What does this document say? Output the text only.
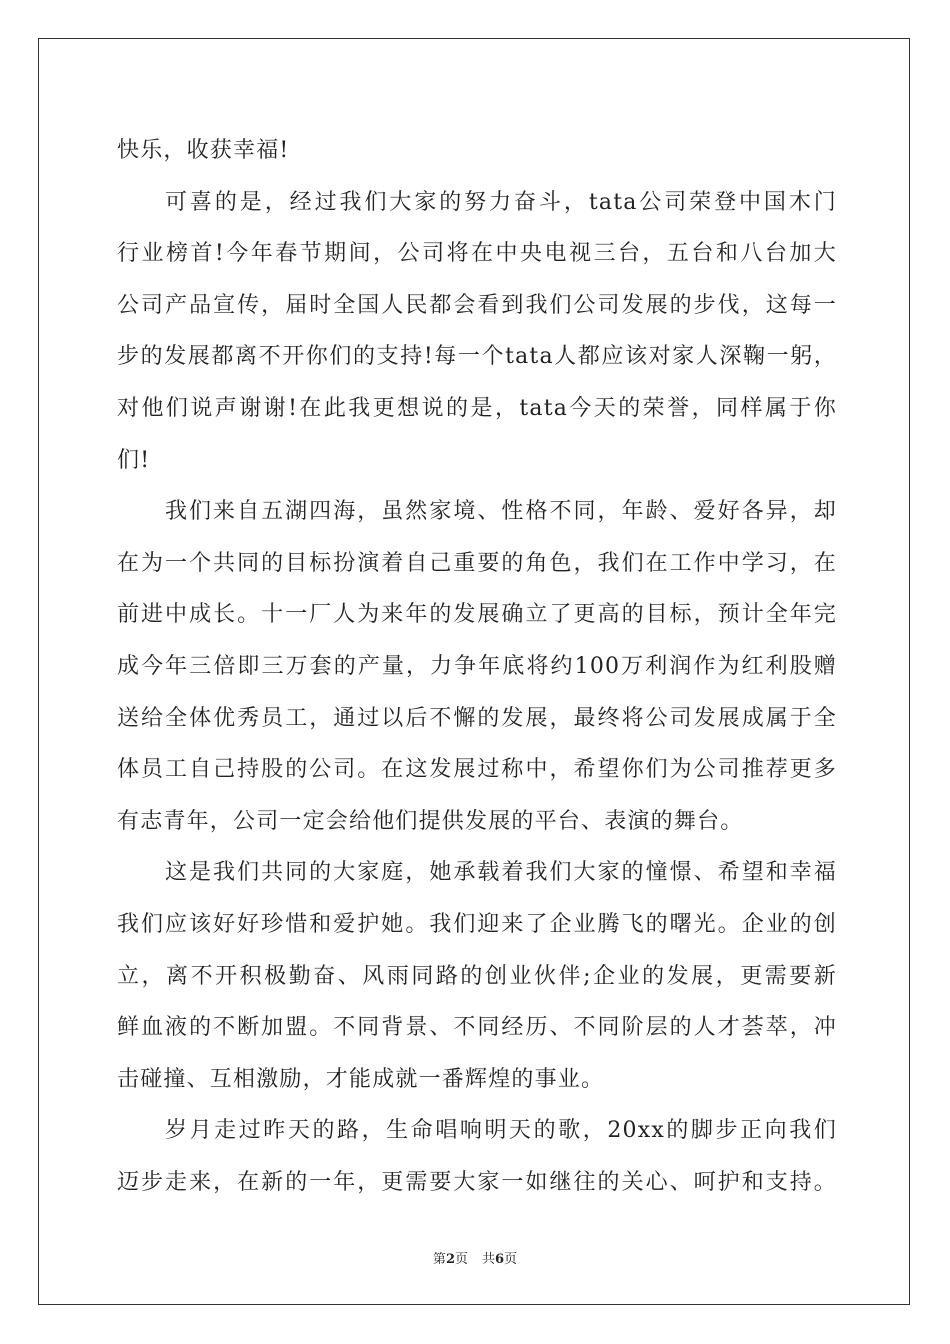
快乐，收获幸福!
可喜的是，经过我们大家的努力奋斗，tata公司荣登中国木门
行业榜首!今年春节期间，公司将在中央电视三台，五台和八台加大
公司产品宣传，届时全国人民都会看到我们公司发展的步伐，这每一
步的发展都离不开你们的支持!每一个tata人都应该对家人深鞠一躬，
对他们说声谢谢!在此我更想说的是，tata今天的荣誉，同样属于你
们!
我们来自五湖四海，虽然家境、性格不同，年龄、爱好各异，却
在为一个共同的目标扮演着自己重要的角色，我们在工作中学习，在
前进中成长。十一厂人为来年的发展确立了更高的目标，预计全年完
成今年三倍即三万套的产量，力争年底将约100万利润作为红利股赠
送给全体优秀员工，通过以后不懈的发展，最终将公司发展成属于全
体员工自己持股的公司。在这发展过称中，希望你们为公司推荐更多
有志青年，公司一定会给他们提供发展的平台、表演的舞台。
这是我们共同的大家庭，她承载着我们大家的憧憬、希望和幸福
我们应该好好珍惜和爱护她。我们迎来了企业腾飞的曙光。企业的创
立，离不开积极勤奋、风雨同路的创业伙伴;企业的发展，更需要新
鲜血液的不断加盟。不同背景、不同经历、不同阶层的人才荟萃，冲
击碰撞、互相激励，才能成就一番辉煌的事业。
岁月走过昨天的路，生命唱响明天的歌，20xx的脚步正向我们
迈步走来，在新的一年，更需要大家一如继往的关心、呵护和支持。
第2页 共6页
